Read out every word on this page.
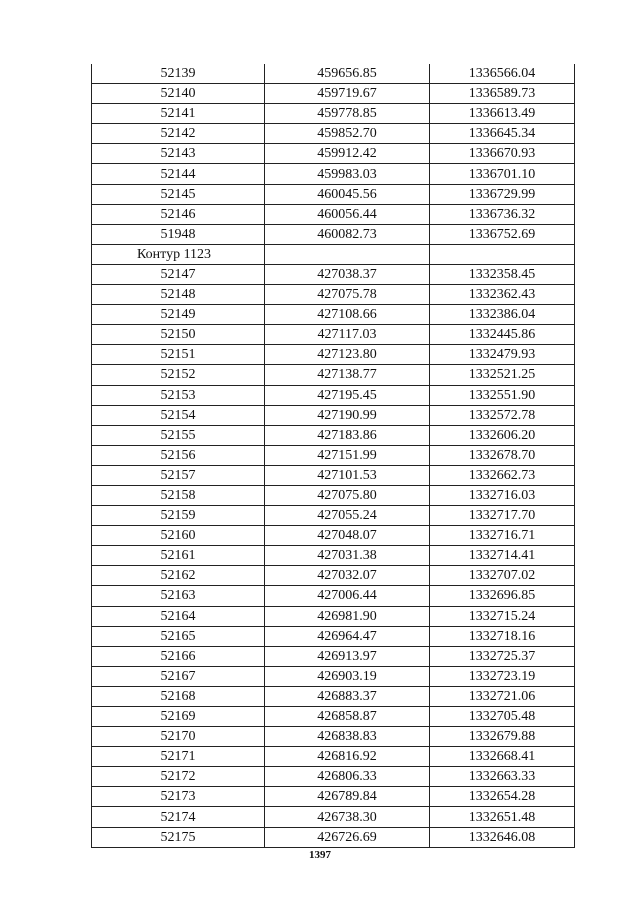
52139	459656.85	1336566.04
52140	459719.67	1336589.73
52141	459778.85	1336613.49
52142	459852.70	1336645.34
52143	459912.42	1336670.93
52144	459983.03	1336701.10
52145	460045.56	1336729.99
52146	460056.44	1336736.32
51948	460082.73	1336752.69
Контур 1123		
52147	427038.37	1332358.45
52148	427075.78	1332362.43
52149	427108.66	1332386.04
52150	427117.03	1332445.86
52151	427123.80	1332479.93
52152	427138.77	1332521.25
52153	427195.45	1332551.90
52154	427190.99	1332572.78
52155	427183.86	1332606.20
52156	427151.99	1332678.70
52157	427101.53	1332662.73
52158	427075.80	1332716.03
52159	427055.24	1332717.70
52160	427048.07	1332716.71
52161	427031.38	1332714.41
52162	427032.07	1332707.02
52163	427006.44	1332696.85
52164	426981.90	1332715.24
52165	426964.47	1332718.16
52166	426913.97	1332725.37
52167	426903.19	1332723.19
52168	426883.37	1332721.06
52169	426858.87	1332705.48
52170	426838.83	1332679.88
52171	426816.92	1332668.41
52172	426806.33	1332663.33
52173	426789.84	1332654.28
52174	426738.30	1332651.48
52175	426726.69	1332646.08
1397
